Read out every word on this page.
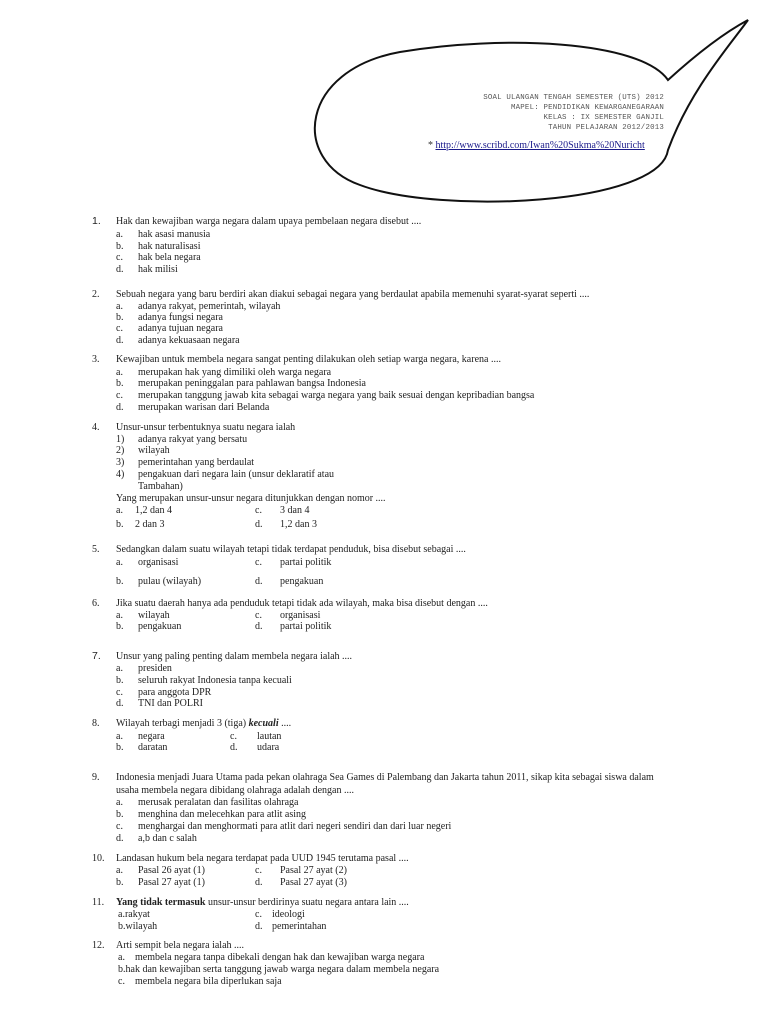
SOAL ULANGAN TENGAH SEMESTER (UTS) 2012
MAPEL: PENDIDIKAN KEWARGANEGARAAN
KELAS : IX SEMESTER GANJIL
TAHUN PELAJARAN 2012/2013
* http://www.scribd.com/Iwan%20Sukma%20Nuricht
1. Hak dan kewajiban warga negara dalam upaya pembelaan negara disebut ....
a. hak asasi manusia
b. hak naturalisasi
c. hak bela negara
d. hak milisi
2. Sebuah negara yang baru berdiri akan diakui sebagai negara yang berdaulat apabila memenuhi syarat-syarat seperti ....
a. adanya rakyat, pemerintah, wilayah
b. adanya fungsi negara
c. adanya tujuan negara
d. adanya kekuasaan negara
3. Kewajiban untuk membela negara sangat penting dilakukan oleh setiap warga negara, karena ....
a. merupakan hak yang dimiliki oleh warga negara
b. merupakan peninggalan para pahlawan bangsa Indonesia
c. merupakan tanggung jawab kita sebagai warga negara yang baik sesuai dengan kepribadian bangsa
d. merupakan warisan dari Belanda
4. Unsur-unsur terbentuknya suatu negara ialah
1) adanya rakyat yang bersatu
2) wilayah
3) pemerintahan yang berdaulat
4) pengakuan dari negara lain (unsur deklaratif atau
Tambahan)
Yang merupakan unsur-unsur negara ditunjukkan dengan nomor ....
a. 1,2 dan 4	c. 3 dan 4
b. 2 dan 3	d. 1,2 dan 3
5. Sedangkan dalam suatu wilayah tetapi tidak terdapat penduduk, bisa disebut sebagai ....
a. organisasi	c. partai politik
b. pulau (wilayah)	d. pengakuan
6. Jika suatu daerah hanya ada penduduk tetapi tidak ada wilayah, maka bisa disebut dengan ....
a. wilayah	c. organisasi
b. pengakuan	d. partai politik
7. Unsur yang paling penting dalam membela negara ialah ....
a. presiden
b. seluruh rakyat Indonesia tanpa kecuali
c. para anggota DPR
d. TNI dan POLRI
8. Wilayah terbagi menjadi 3 (tiga) kecuali ....
a. negara	c. lautan
b. daratan	d. udara
9. Indonesia menjadi Juara Utama pada pekan olahraga Sea Games di Palembang dan Jakarta tahun 2011, sikap kita sebagai siswa dalam
usaha membela negara dibidang olahraga adalah dengan ....
a. merusak peralatan dan fasilitas olahraga
b. menghina dan melecehkan para atlit asing
c. menghargai dan menghormati para atlit dari negeri sendiri dan dari luar negeri
d. a,b dan c salah
10. Landasan hukum bela negara terdapat pada UUD 1945 terutama pasal ....
a. Pasal 26 ayat (1)	c. Pasal 27 ayat (2)
b. Pasal 27 ayat (1)	d. Pasal 27 ayat (3)
11. Yang tidak termasuk unsur-unsur berdirinya suatu negara antara lain ....
a.rakyat	c. ideologi
b.wilayah	d. pemerintahan
12. Arti sempit bela negara ialah ....
a. membela negara tanpa dibekali dengan hak dan kewajiban warga negara
b.hak dan kewajiban serta tanggung jawab warga negara dalam membela negara
c. membela negara bila diperlukan saja
